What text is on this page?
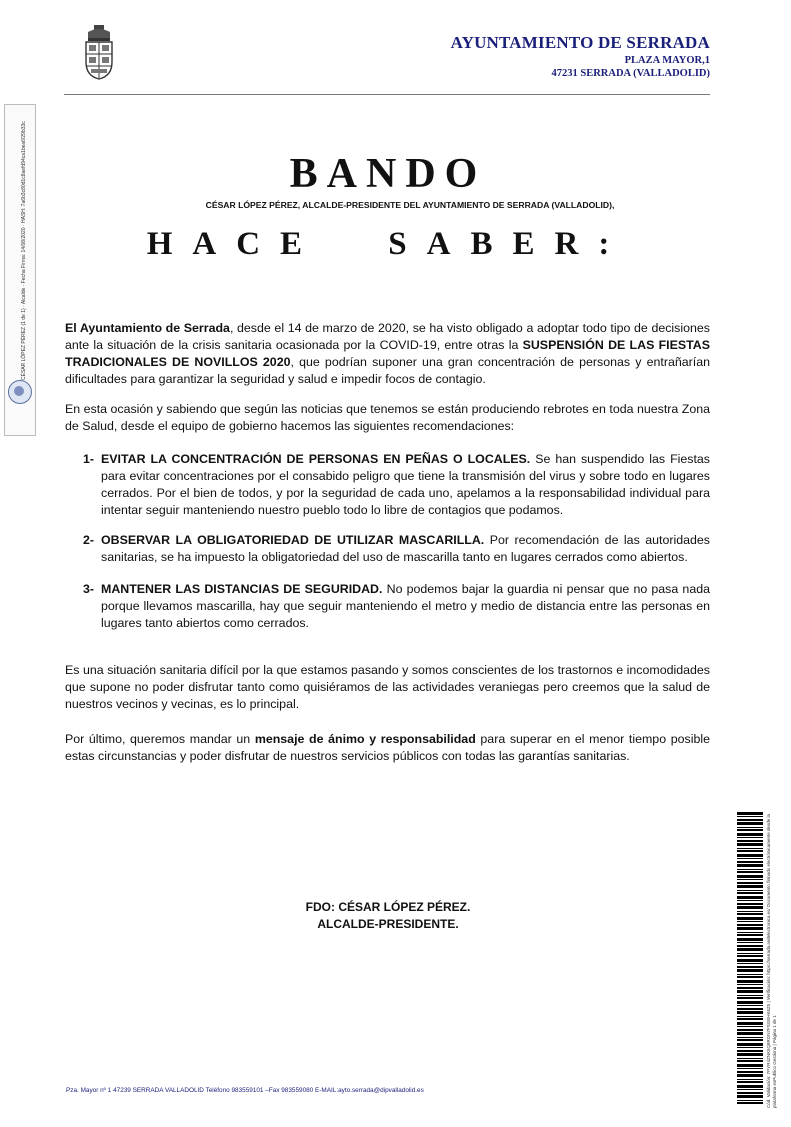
AYUNTAMIENTO DE SERRADA
PLAZA MAYOR,1
47231 SERRADA (VALLADOLID)
CÉSAR LÓPEZ PÉREZ (1 de 1) · Alcalde · Fecha Firma: 14/08/2020 · HASH: 7a6b3c80d1c8aefd94ca1bea6f29b33c	BANDO
CÉSAR LÓPEZ PÉREZ, ALCALDE-PRESIDENTE DEL AYUNTAMIENTO DE SERRADA (VALLADOLID),
HACE SABER:
El Ayuntamiento de Serrada, desde el 14 de marzo de 2020, se ha visto obligado a adoptar todo tipo de decisiones ante la situación de la crisis sanitaria ocasionada por la COVID-19, entre otras la SUSPENSIÓN DE LAS FIESTAS TRADICIONALES DE NOVILLOS 2020, que podrían suponer una gran concentración de personas y entrañarían dificultades para garantizar la seguridad y salud e impedir focos de contagio.
En esta ocasión y sabiendo que según las noticias que tenemos se están produciendo rebrotes en toda nuestra Zona de Salud, desde el equipo de gobierno hacemos las siguientes recomendaciones:
1- EVITAR LA CONCENTRACIÓN DE PERSONAS EN PEÑAS O LOCALES. Se han suspendido las Fiestas para evitar concentraciones por el consabido peligro que tiene la transmisión del virus y sobre todo en lugares cerrados. Por el bien de todos, y por la seguridad de cada uno, apelamos a la responsabilidad individual para intentar seguir manteniendo nuestro pueblo todo lo libre de contagios que podamos.
2- OBSERVAR LA OBLIGATORIEDAD DE UTILIZAR MASCARILLA. Por recomendación de las autoridades sanitarias, se ha impuesto la obligatoriedad del uso de mascarilla tanto en lugares cerrados como abiertos.
3- MANTENER LAS DISTANCIAS DE SEGURIDAD. No podemos bajar la guardia ni pensar que no pasa nada porque llevamos mascarilla, hay que seguir manteniendo el metro y medio de distancia entre las personas en lugares tanto abiertos como cerrados.
Es una situación sanitaria difícil por la que estamos pasando y somos conscientes de los trastornos e incomodidades que supone no poder disfrutar tanto como quisiéramos de las actividades veraniegas pero creemos que la salud de nuestros vecinos y vecinas, es lo principal.
Por último, queremos mandar un mensaje de ánimo y responsabilidad para superar en el menor tiempo posible estas circunstancias y poder disfrutar de nuestros servicios públicos con todas las garantías sanitarias.
FDO: CÉSAR LÓPEZ PÉREZ.
ALCALDE-PRESIDENTE.
Pza. Mayor nº 1 47239 SERRADA VALLADOLID Teléfono 983559101 –Fax 983559080 E-MAIL:ayto.serrada@dipvalladolid.es	Cód. Validación: 7PYR4ZNK5Q8RGN7FSGEHK6Z5 | Verificación: https://serrada.sedelectronica.es/ Documento firmado electrónicamente desde la plataforma esPublico Gestiona | Página 1 de 1
